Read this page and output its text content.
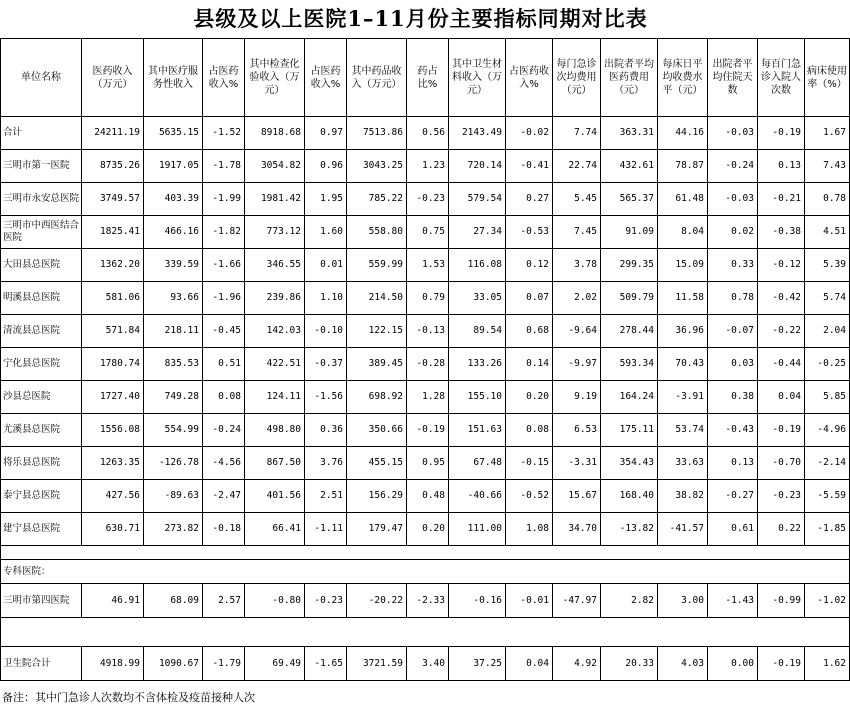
县级及以上医院1–11月份主要指标同期对比表
单位名称	医药收入（万元）	其中医疗服务性收入	占医药收入%	其中检查化验收入（万元）	占医药收入%	其中药品收入（万元）	药占比%	其中卫生材料收入（万元）	占医药收入%	每门急诊次均费用（元）	出院者平均医药费用（元）	每床日平均收费水平（元）	出院者平均住院天数	每百门急诊入院人次数	病床使用率（%）
合计	24211.19	5635.15	-1.52	8918.68	0.97	7513.86	0.56	2143.49	-0.02	7.74	363.31	44.16	-0.03	-0.19	1.67
三明市第一医院	8735.26	1917.05	-1.78	3054.82	0.96	3043.25	1.23	720.14	-0.41	22.74	432.61	78.87	-0.24	0.13	7.43
三明市永安总医院	3749.57	403.39	-1.99	1981.42	1.95	785.22	-0.23	579.54	0.27	5.45	565.37	61.48	-0.03	-0.21	0.78
三明市中西医结合医院	1825.41	466.16	-1.82	773.12	1.60	558.80	0.75	27.34	-0.53	7.45	91.09	8.04	0.02	-0.38	4.51
大田县总医院	1362.20	339.59	-1.66	346.55	0.01	559.99	1.53	116.08	0.12	3.78	299.35	15.09	0.33	-0.12	5.39
明溪县总医院	581.06	93.66	-1.96	239.86	1.10	214.50	0.79	33.05	0.07	2.02	509.79	11.58	0.78	-0.42	5.74
清流县总医院	571.84	218.11	-0.45	142.03	-0.10	122.15	-0.13	89.54	0.68	-9.64	278.44	36.96	-0.07	-0.22	2.04
宁化县总医院	1780.74	835.53	0.51	422.51	-0.37	389.45	-0.28	133.26	0.14	-9.97	593.34	70.43	0.03	-0.44	-0.25
沙县总医院	1727.40	749.28	0.08	124.11	-1.56	698.92	1.28	155.10	0.20	9.19	164.24	-3.91	0.38	0.04	5.85
尤溪县总医院	1556.08	554.99	-0.24	498.80	0.36	350.66	-0.19	151.63	0.08	6.53	175.11	53.74	-0.43	-0.19	-4.96
将乐县总医院	1263.35	-126.78	-4.56	867.50	3.76	455.15	0.95	67.48	-0.15	-3.31	354.43	33.63	0.13	-0.70	-2.14
泰宁县总医院	427.56	-89.63	-2.47	401.56	2.51	156.29	0.48	-40.66	-0.52	15.67	168.40	38.82	-0.27	-0.23	-5.59
建宁县总医院	630.71	273.82	-0.18	66.41	-1.11	179.47	0.20	111.00	1.08	34.70	-13.82	-41.57	0.61	0.22	-1.85

专科医院：															
三明市第四医院	46.91	68.09	2.57	-0.80	-0.23	-20.22	-2.33	-0.16	-0.01	-47.97	2.82	3.00	-1.43	-0.99	-1.02

卫生院合计	4918.99	1090.67	-1.79	69.49	-1.65	3721.59	3.40	37.25	0.04	4.92	20.33	4.03	0.00	-0.19	1.62
备注：其中门急诊人次数均不含体检及疫苗接种人次
